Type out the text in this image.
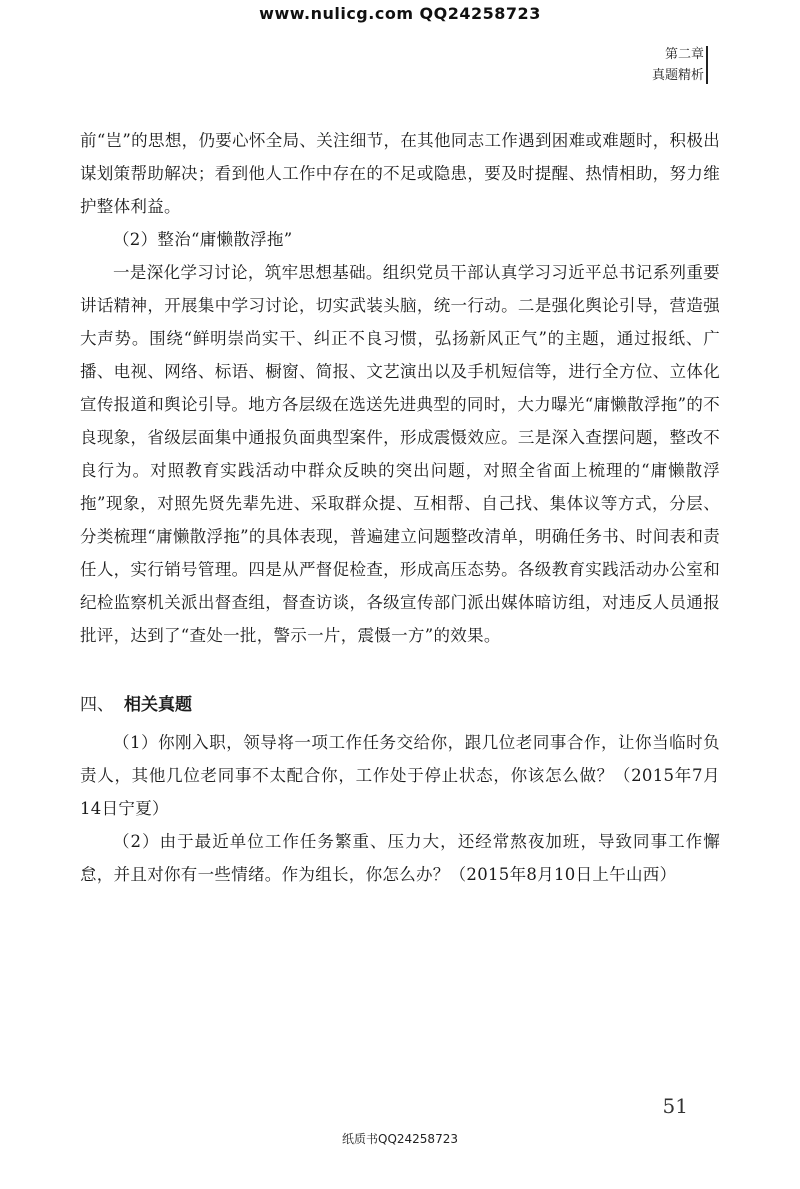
www.nulicg.com QQ24258723
第二章
真题精析

前“岂”的思想，仍要心怀全局、关注细节，在其他同志工作遇到困难或难题时，积极出谋划策帮助解决；看到他人工作中存在的不足或隐患，要及时提醒、热情相助，努力维护整体利益。

（2）整治“庸懒散浮拖”

一是深化学习讨论，筑牢思想基础。组织党员干部认真学习习近平总书记系列重要讲话精神，开展集中学习讨论，切实武装头脑，统一行动。二是强化舆论引导，营造强大声势。围绕“鲜明崇尚实干、纠正不良习惯，弘扬新风正气”的主题，通过报纸、广播、电视、网络、标语、橱窗、简报、文艺演出以及手机短信等，进行全方位、立体化宣传报道和舆论引导。地方各层级在选送先进典型的同时，大力曝光“庸懒散浮拖”的不良现象，省级层面集中通报负面典型案件，形成震慑效应。三是深入查摆问题，整改不良行为。对照教育实践活动中群众反映的突出问题，对照全省面上梳理的“庸懒散浮拖”现象，对照先贤先辈先进、采取群众提、互相帮、自己找、集体议等方式，分层、分类梳理“庸懒散浮拖”的具体表现，普遍建立问题整改清单，明确任务书、时间表和责任人，实行销号管理。四是从严督促检查，形成高压态势。各级教育实践活动办公室和纪检监察机关派出督查组，督查访谈，各级宣传部门派出媒体暗访组，对违反人员通报批评，达到了“查处一批，警示一片，震慑一方”的效果。

四、 相关真题

（1）你刚入职，领导将一项工作任务交给你，跟几位老同事合作，让你当临时负责人，其他几位老同事不太配合你，工作处于停止状态，你该怎么做？（2015年7月14日宁夏）

（2）由于最近单位工作任务繁重、压力大，还经常熬夜加班，导致同事工作懈怠，并且对你有一些情绪。作为组长，你怎么办？（2015年8月10日上午山西）

51
纸质书QQ24258723
